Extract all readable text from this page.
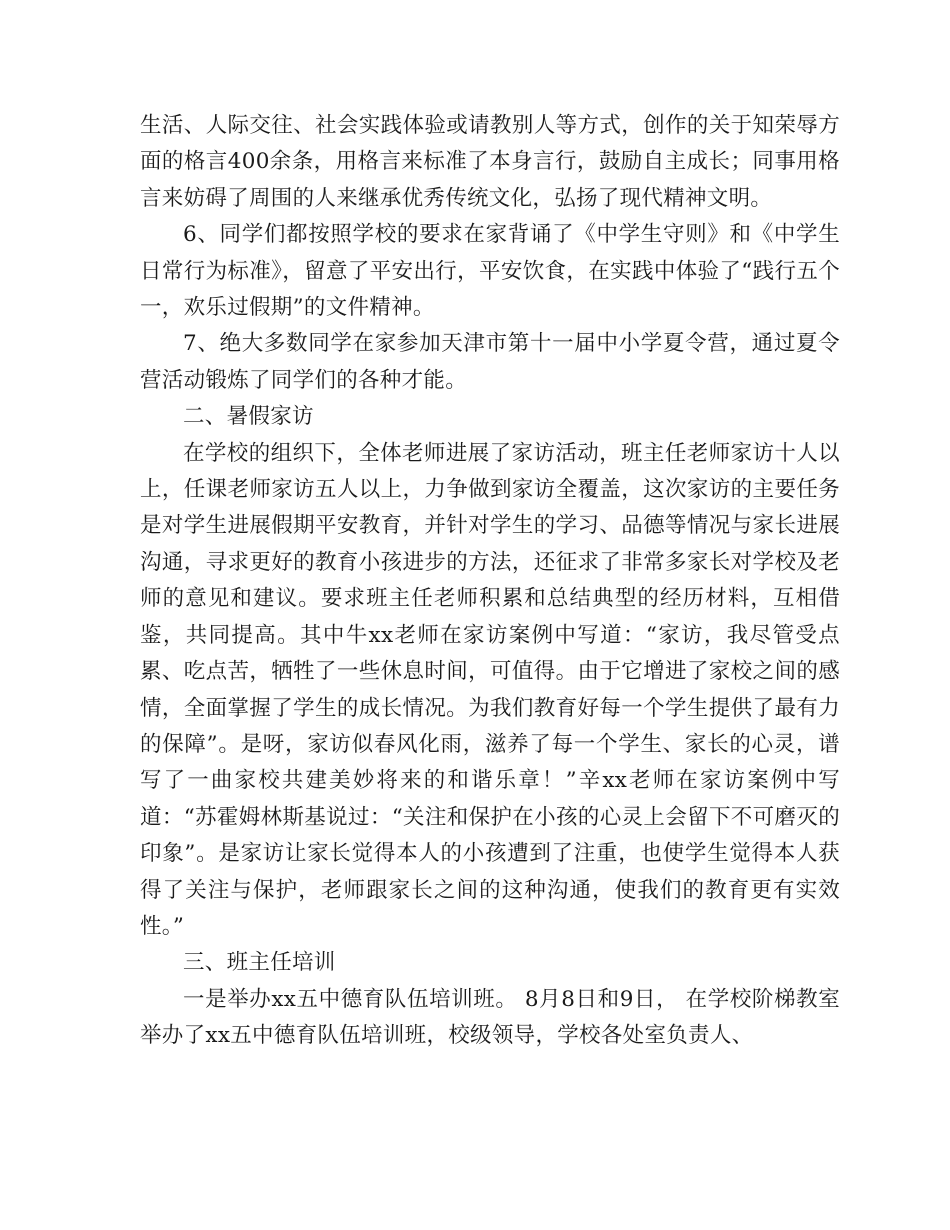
生活、人际交往、社会实践体验或请教别人等方式，创作的关于知荣辱方面的格言400余条，用格言来标准了本身言行，鼓励自主成长；同事用格言来妨碍了周围的人来继承优秀传统文化，弘扬了现代精神文明。

6、同学们都按照学校的要求在家背诵了《中学生守则》和《中学生日常行为标准》，留意了平安出行，平安饮食，在实践中体验了“践行五个一，欢乐过假期”的文件精神。

7、绝大多数同学在家参加天津市第十一届中小学夏令营，通过夏令营活动锻炼了同学们的各种才能。

二、暑假家访

在学校的组织下，全体老师进展了家访活动，班主任老师家访十人以上，任课老师家访五人以上，力争做到家访全覆盖，这次家访的主要任务是对学生进展假期平安教育，并针对学生的学习、品德等情况与家长进展沟通，寻求更好的教育小孩进步的方法，还征求了非常多家长对学校及老师的意见和建议。要求班主任老师积累和总结典型的经历材料，互相借鉴，共同提高。其中牛xx老师在家访案例中写道：“家访，我尽管受点累、吃点苦，牺牲了一些休息时间，可值得。由于它增进了家校之间的感情，全面掌握了学生的成长情况。为我们教育好每一个学生提供了最有力的保障”。是呀，家访似春风化雨，滋养了每一个学生、家长的心灵，谱写了一曲家校共建美妙将来的和谐乐章！”辛xx老师在家访案例中写道：“苏霍姆林斯基说过：“关注和保护在小孩的心灵上会留下不可磨灭的印象”。是家访让家长觉得本人的小孩遭到了注重，也使学生觉得本人获得了关注与保护，老师跟家长之间的这种沟通，使我们的教育更有实效性。”

三、班主任培训

一是举办xx五中德育队伍培训班。 8月8日和9日， 在学校阶梯教室举办了xx五中德育队伍培训班，校级领导，学校各处室负责人、
